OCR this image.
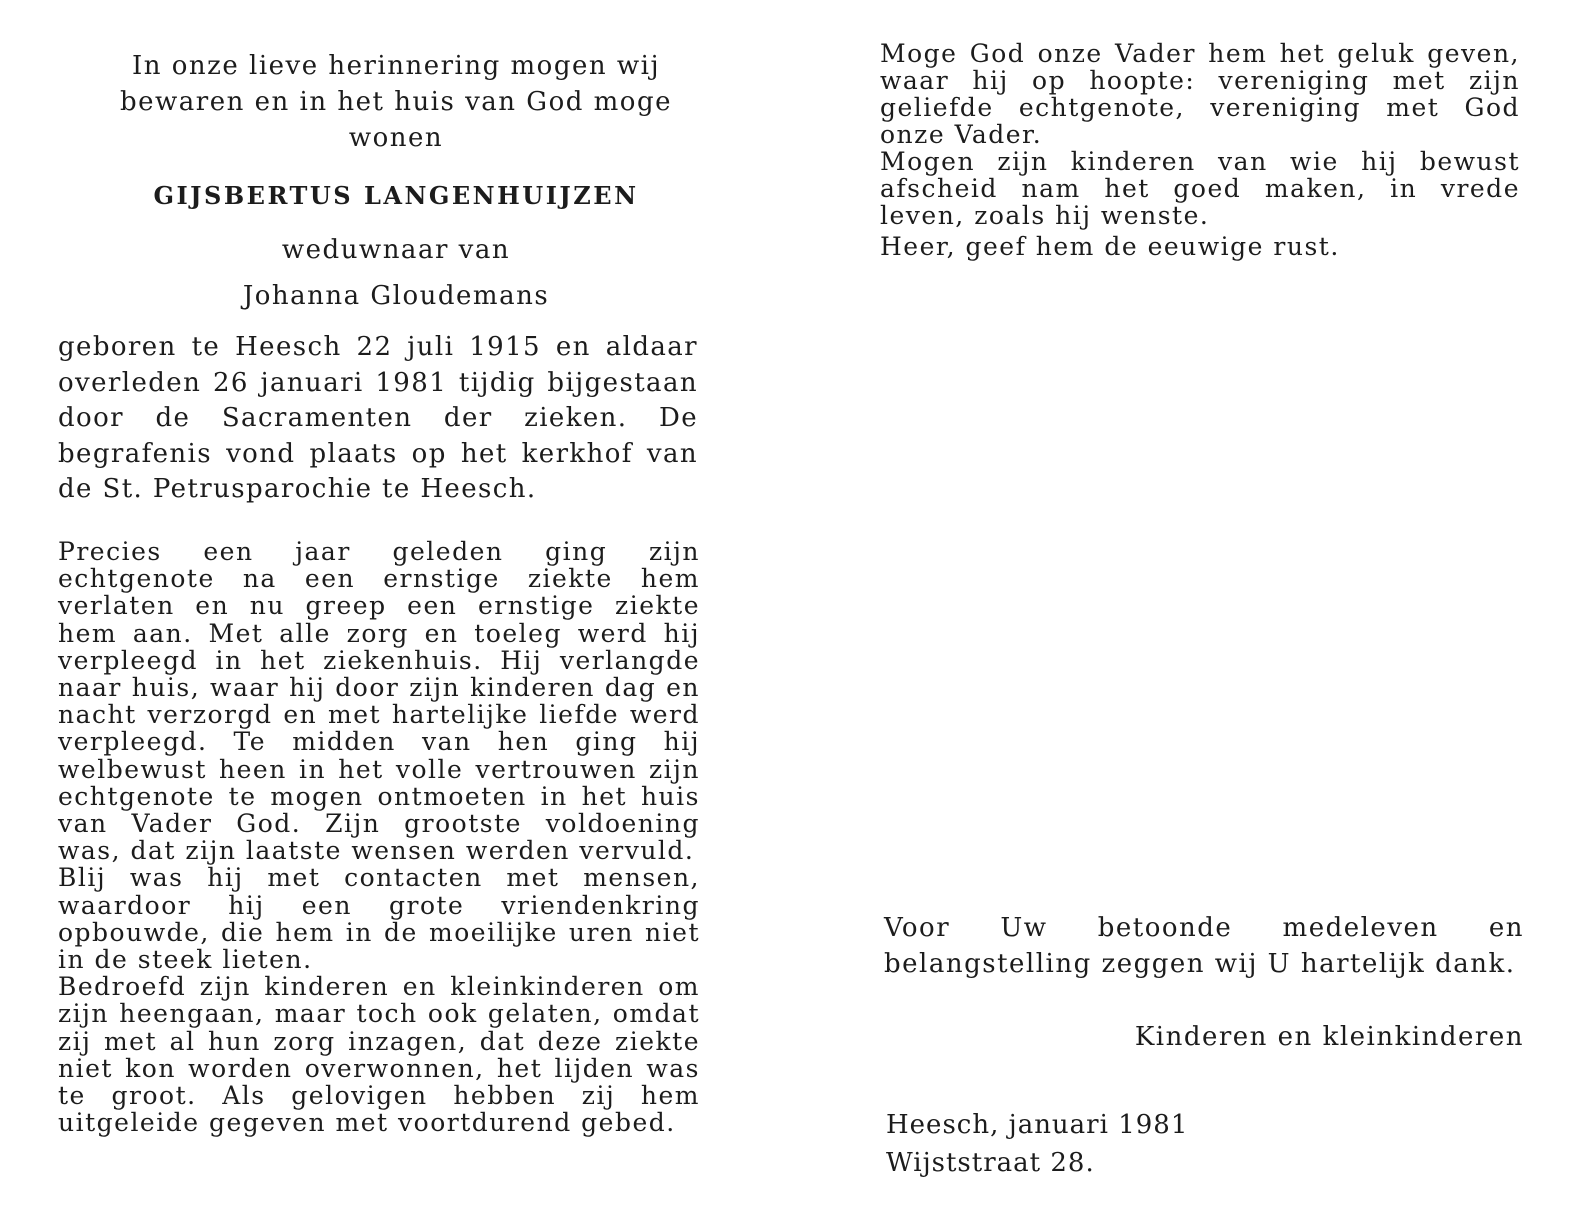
In onze lieve herinnering mogen wij bewaren en in het huis van God moge wonen
GIJSBERTUS LANGENHUIJZEN
weduwnaar van
Johanna Gloudemans

geboren te Heesch 22 juli 1915 en aldaar overleden 26 januari 1981 tijdig bijgestaan door de Sacramenten der zieken. De begrafenis vond plaats op het kerkhof van de St. Petrusparochie te Heesch.

Precies een jaar geleden ging zijn echtgenote na een ernstige ziekte hem verlaten en nu greep een ernstige ziekte hem aan. Met alle zorg en toeleg werd hij verpleegd in het ziekenhuis. Hij verlangde naar huis, waar hij door zijn kinderen dag en nacht verzorgd en met hartelijke liefde werd verpleegd. Te midden van hen ging hij welbewust heen in het volle vertrouwen zijn echtgenote te mogen ontmoeten in het huis van Vader God. Zijn grootste voldoening was, dat zijn laatste wensen werden vervuld.

Blij was hij met contacten met mensen, waardoor hij een grote vriendenkring opbouwde, die hem in de moeilijke uren niet in de steek lieten.

Bedroefd zijn kinderen en kleinkinderen om zijn heengaan, maar toch ook gelaten, omdat zij met al hun zorg inzagen, dat deze ziekte niet kon worden overwonnen, het lijden was te groot. Als gelovigen hebben zij hem uitgeleide gegeven met voortdurend gebed.

Moge God onze Vader hem het geluk geven, waar hij op hoopte: vereniging met zijn geliefde echtgenote, vereniging met God onze Vader.

Mogen zijn kinderen van wie hij bewust afscheid nam het goed maken, in vrede leven, zoals hij wenste.

Heer, geef hem de eeuwige rust.

Voor Uw betoonde medeleven en belangstelling zeggen wij U hartelijk dank.

Kinderen en kleinkinderen

Heesch, januari 1981

Wijststraat 28.
